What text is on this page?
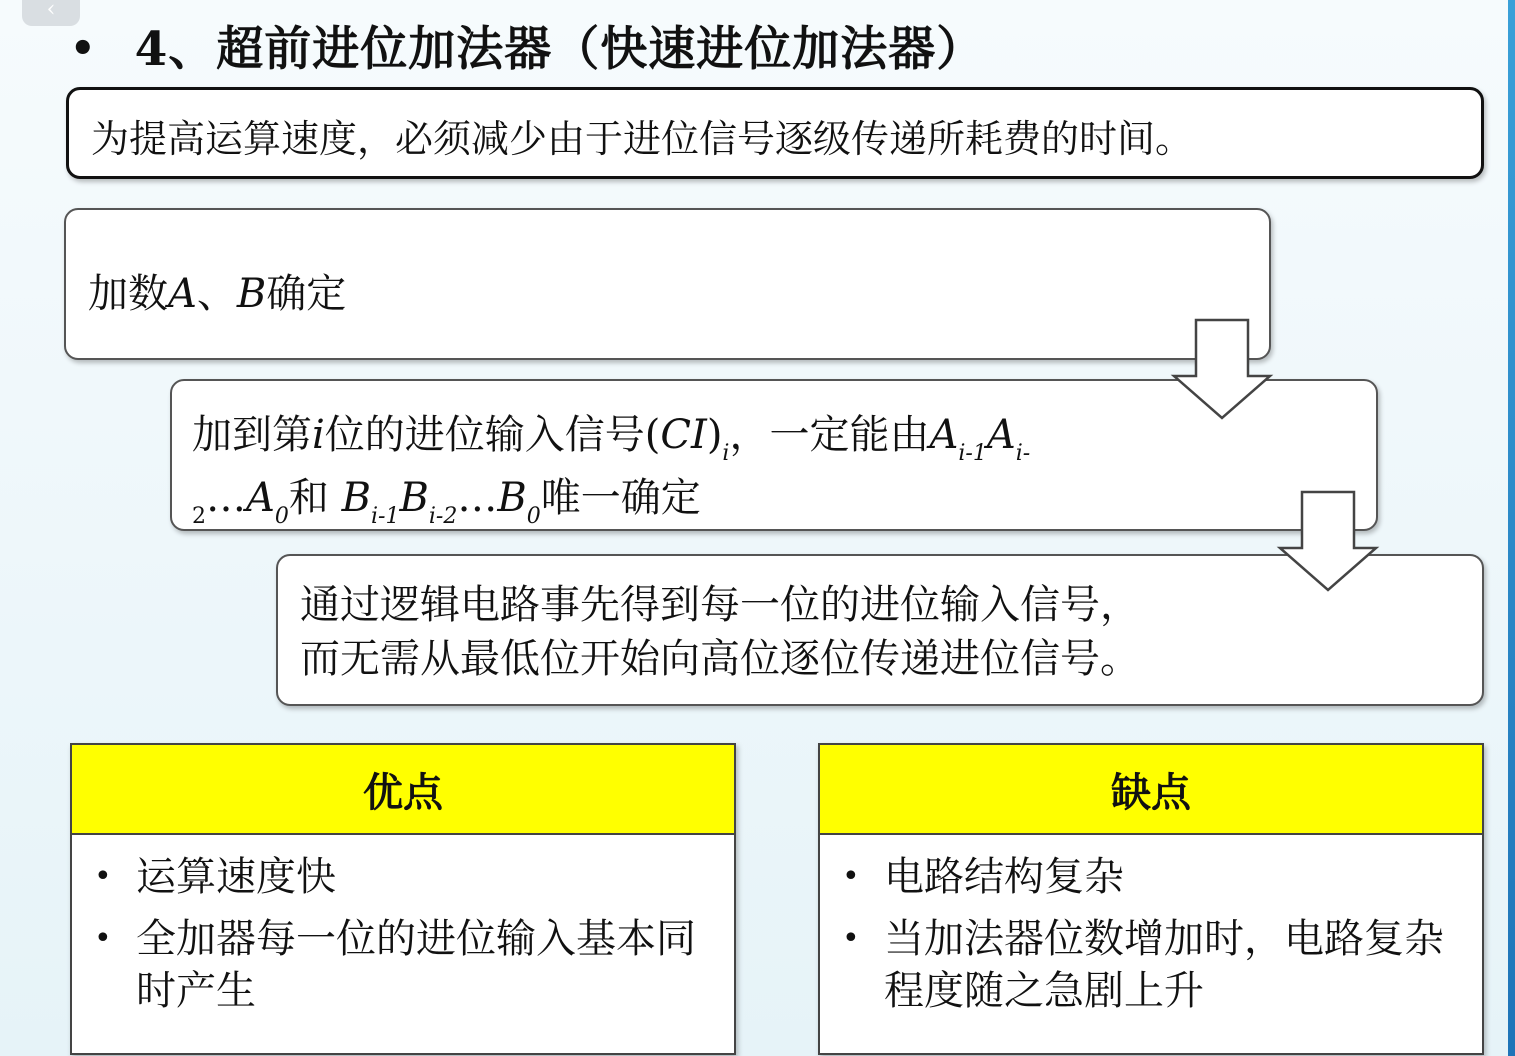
‹
• 4、超前进位加法器（快速进位加法器）
为提高运算速度，必须减少由于进位信号逐级传递所耗费的时间。
加数A、B确定
加到第i位的进位输入信号$(CI)_i$，一定能由$A_{i-1}A_{i-}$
$_2\dots A_0$和 $B_{i-1}B_{i-2}\dots B_0$唯一确定
通过逻辑电路事先得到每一位的进位输入信号，
而无需从最低位开始向高位逐位传递进位信号。
优点
• 运算速度快
• 全加器每一位的进位输入基本同时产生
缺点
• 电路结构复杂
• 当加法器位数增加时，电路复杂程度随之急剧上升
